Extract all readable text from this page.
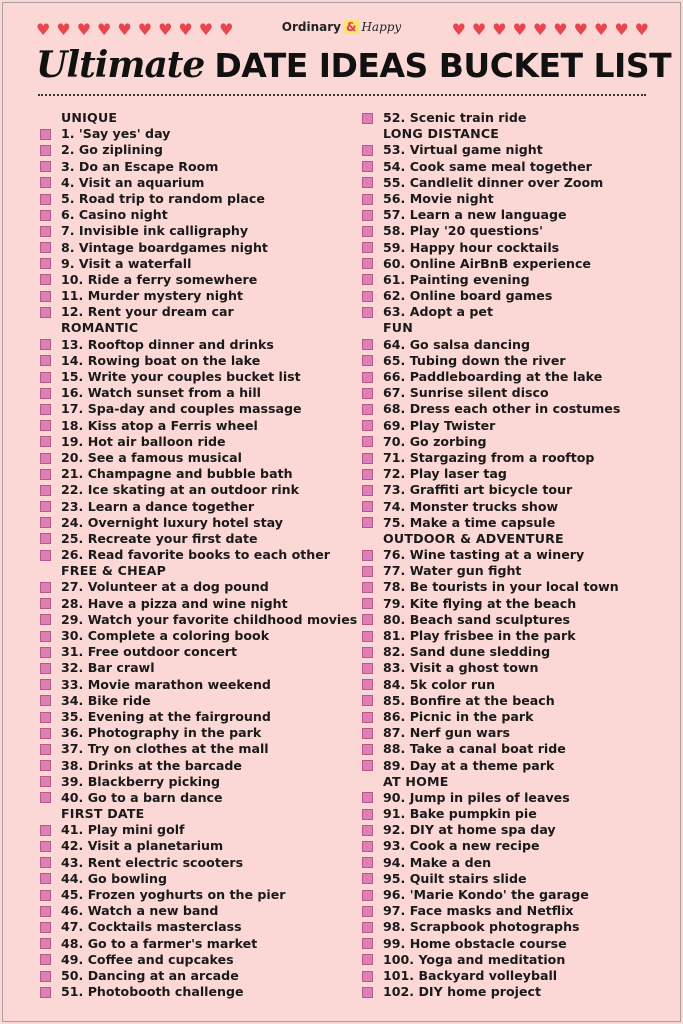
♥ ♥ ♥ ♥ ♥ ♥ ♥ ♥ ♥ ♥	Ordinary & Happy	♥ ♥ ♥ ♥ ♥ ♥ ♥ ♥ ♥ ♥
Ultimate DATE IDEAS BUCKET LIST
UNIQUE
1. 'Say yes' day
2. Go ziplining
3. Do an Escape Room
4. Visit an aquarium
5. Road trip to random place
6. Casino night
7. Invisible ink calligraphy
8. Vintage boardgames night
9. Visit a waterfall
10. Ride a ferry somewhere
11. Murder mystery night
12. Rent your dream car
ROMANTIC
13. Rooftop dinner and drinks
14. Rowing boat on the lake
15. Write your couples bucket list
16. Watch sunset from a hill
17. Spa-day and couples massage
18. Kiss atop a Ferris wheel
19. Hot air balloon ride
20. See a famous musical
21. Champagne and bubble bath
22. Ice skating at an outdoor rink
23. Learn a dance together
24. Overnight luxury hotel stay
25. Recreate your first date
26. Read favorite books to each other
FREE & CHEAP
27. Volunteer at a dog pound
28. Have a pizza and wine night
29. Watch your favorite childhood movies
30. Complete a coloring book
31. Free outdoor concert
32. Bar crawl
33. Movie marathon weekend
34. Bike ride
35. Evening at the fairground
36. Photography in the park
37. Try on clothes at the mall
38. Drinks at the barcade
39. Blackberry picking
40. Go to a barn dance
FIRST DATE
41. Play mini golf
42. Visit a planetarium
43. Rent electric scooters
44. Go bowling
45. Frozen yoghurts on the pier
46. Watch a new band
47. Cocktails masterclass
48. Go to a farmer's market
49. Coffee and cupcakes
50. Dancing at an arcade
51. Photobooth challenge
52. Scenic train ride
LONG DISTANCE
53. Virtual game night
54. Cook same meal together
55. Candlelit dinner over Zoom
56. Movie night
57. Learn a new language
58. Play '20 questions'
59. Happy hour cocktails
60. Online AirBnB experience
61. Painting evening
62. Online board games
63. Adopt a pet
FUN
64. Go salsa dancing
65. Tubing down the river
66. Paddleboarding at the lake
67. Sunrise silent disco
68. Dress each other in costumes
69. Play Twister
70. Go zorbing
71. Stargazing from a rooftop
72. Play laser tag
73. Graffiti art bicycle tour
74. Monster trucks show
75. Make a time capsule
OUTDOOR & ADVENTURE
76. Wine tasting at a winery
77. Water gun fight
78. Be tourists in your local town
79. Kite flying at the beach
80. Beach sand sculptures
81. Play frisbee in the park
82. Sand dune sledding
83. Visit a ghost town
84. 5k color run
85. Bonfire at the beach
86. Picnic in the park
87. Nerf gun wars
88. Take a canal boat ride
89. Day at a theme park
AT HOME
90. Jump in piles of leaves
91. Bake pumpkin pie
92. DIY at home spa day
93. Cook a new recipe
94. Make a den
95. Quilt stairs slide
96. 'Marie Kondo' the garage
97. Face masks and Netflix
98. Scrapbook photographs
99. Home obstacle course
100. Yoga and meditation
101. Backyard volleyball
102. DIY home project
